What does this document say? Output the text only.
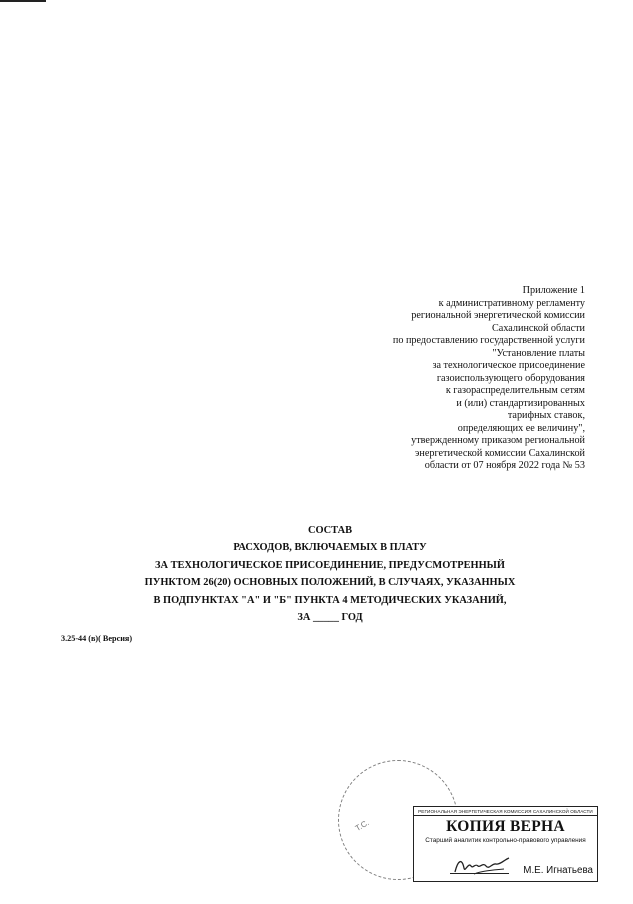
Приложение 1
к административному регламенту
региональной энергетической комиссии
Сахалинской области
по предоставлению государственной услуги
"Установление платы
за технологическое присоединение
газоиспользующего оборудования
к газораспределительным сетям
и (или) стандартизированных
тарифных ставок,
определяющих ее величину",
утвержденному приказом региональной
энергетической комиссии Сахалинской
области от 07 ноября 2022 года № 53
СОСТАВ
РАСХОДОВ, ВКЛЮЧАЕМЫХ В ПЛАТУ
ЗА ТЕХНОЛОГИЧЕСКОЕ ПРИСОЕДИНЕНИЕ, ПРЕДУСМОТРЕННЫЙ
ПУНКТОМ 26(20) ОСНОВНЫХ ПОЛОЖЕНИЙ, В СЛУЧАЯХ, УКАЗАННЫХ
В ПОДПУНКТАХ "А" И "Б" ПУНКТА 4 МЕТОДИЧЕСКИХ УКАЗАНИЙ,
ЗА _____ ГОД
3.25-44 (в)( Версия)
Т.С.
РЕГИОНАЛЬНАЯ ЭНЕРГЕТИЧЕСКАЯ КОМИССИЯ САХАЛИНСКОЙ ОБЛАСТИ
КОПИЯ ВЕРНА
Старший аналитик контрольно-правового управления
М.Е. Игнатьева
